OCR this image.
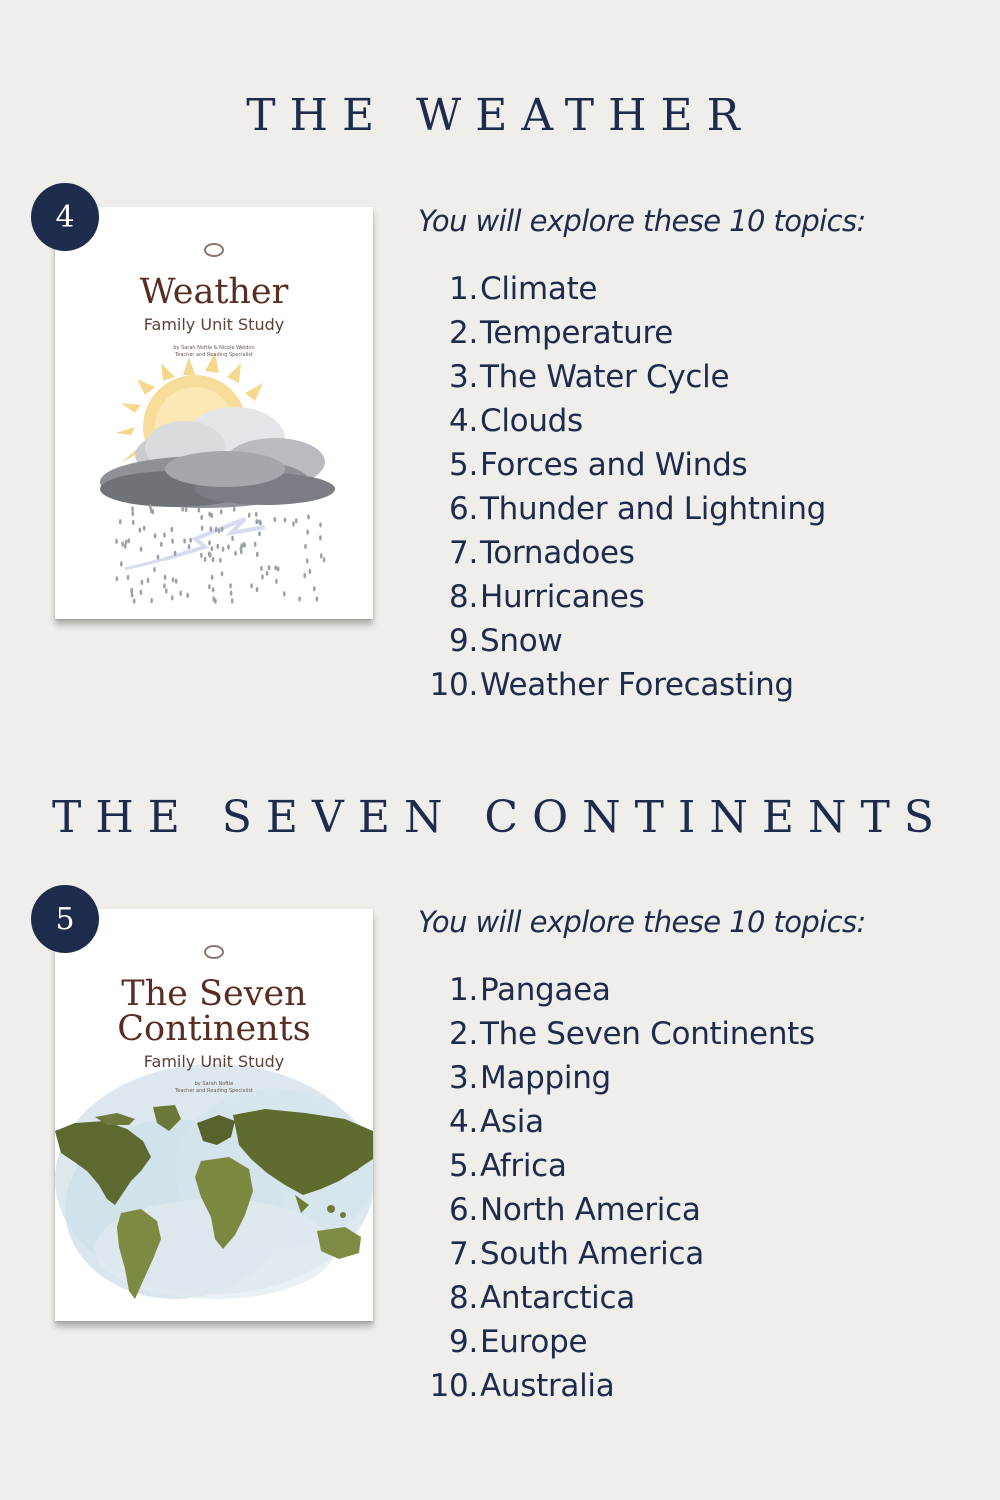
THE WEATHER
Weather
Family Unit Study
by Sarah Noftle & Nicole Weldon
Teacher and Reading Specialist
4	You will explore these 10 topics:

1.Climate
2.Temperature
3.The Water Cycle
4.Clouds
5.Forces and Winds
6.Thunder and Lightning
7.Tornadoes
8.Hurricanes
9.Snow
10.Weather Forecasting
THE SEVEN CONTINENTS
The Seven
Continents
Family Unit Study
by Sarah Noftle
Teacher and Reading Specialist
5	You will explore these 10 topics:

1.Pangaea
2.The Seven Continents
3.Mapping
4.Asia
5.Africa
6.North America
7.South America
8.Antarctica
9.Europe
10.Australia
